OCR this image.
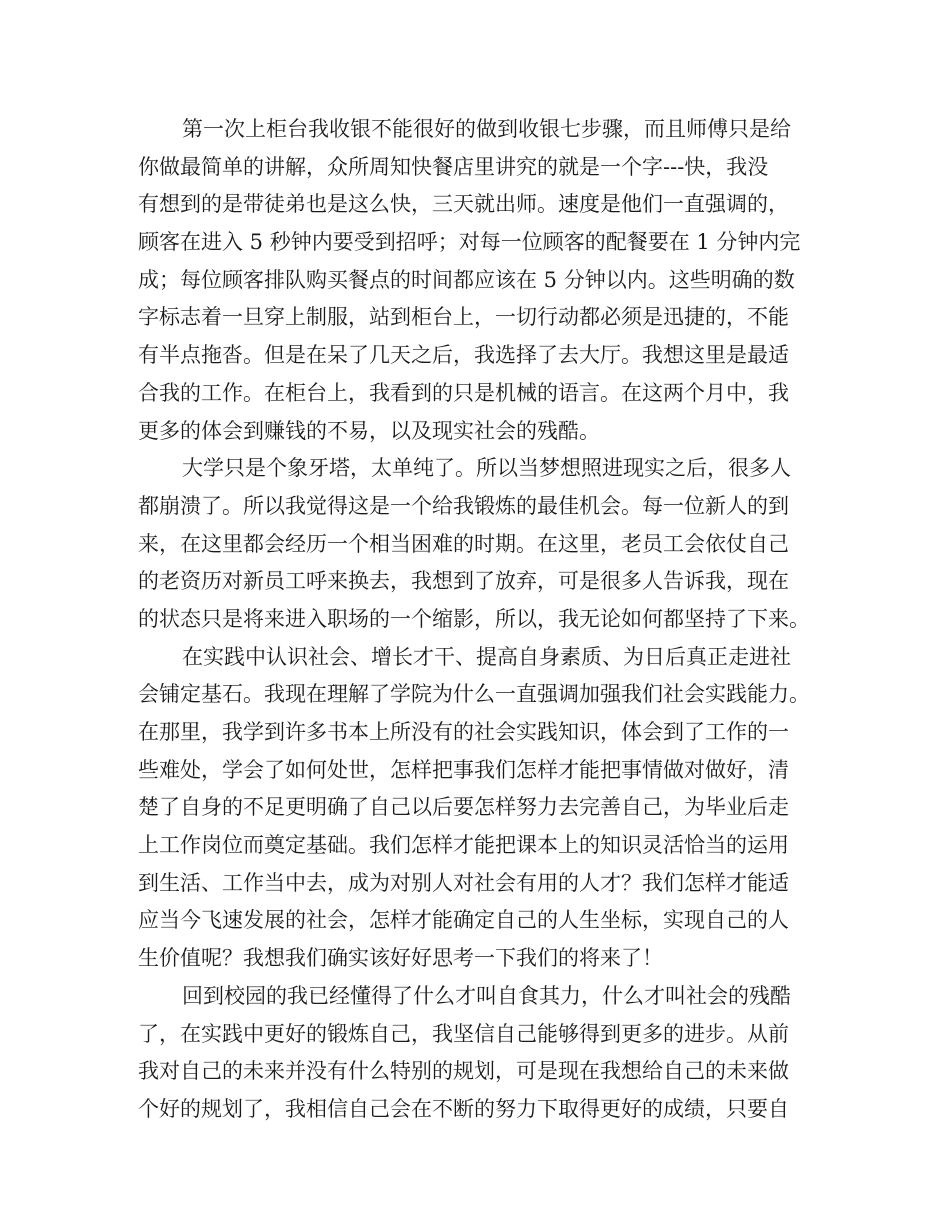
第一次上柜台我收银不能很好的做到收银七步骤，而且师傅只是给
你做最简单的讲解，众所周知快餐店里讲究的就是一个字---快，我没
有想到的是带徒弟也是这么快，三天就出师。速度是他们一直强调的，
顾客在进入 5 秒钟内要受到招呼；对每一位顾客的配餐要在 1 分钟内完
成；每位顾客排队购买餐点的时间都应该在 5 分钟以内。这些明确的数
字标志着一旦穿上制服，站到柜台上，一切行动都必须是迅捷的，不能
有半点拖沓。但是在呆了几天之后，我选择了去大厅。我想这里是最适
合我的工作。在柜台上，我看到的只是机械的语言。在这两个月中，我
更多的体会到赚钱的不易，以及现实社会的残酷。
大学只是个象牙塔，太单纯了。所以当梦想照进现实之后，很多人
都崩溃了。所以我觉得这是一个给我锻炼的最佳机会。每一位新人的到
来，在这里都会经历一个相当困难的时期。在这里，老员工会依仗自己
的老资历对新员工呼来换去，我想到了放弃，可是很多人告诉我，现在
的状态只是将来进入职场的一个缩影，所以，我无论如何都坚持了下来。
在实践中认识社会、增长才干、提高自身素质、为日后真正走进社
会铺定基石。我现在理解了学院为什么一直强调加强我们社会实践能力。
在那里，我学到许多书本上所没有的社会实践知识，体会到了工作的一
些难处，学会了如何处世，怎样把事我们怎样才能把事情做对做好，清
楚了自身的不足更明确了自己以后要怎样努力去完善自己，为毕业后走
上工作岗位而奠定基础。我们怎样才能把课本上的知识灵活恰当的运用
到生活、工作当中去，成为对别人对社会有用的人才？我们怎样才能适
应当今飞速发展的社会，怎样才能确定自己的人生坐标，实现自己的人
生价值呢？我想我们确实该好好思考一下我们的将来了！
回到校园的我已经懂得了什么才叫自食其力，什么才叫社会的残酷
了，在实践中更好的锻炼自己，我坚信自己能够得到更多的进步。从前
我对自己的未来并没有什么特别的规划，可是现在我想给自己的未来做
个好的规划了，我相信自己会在不断的努力下取得更好的成绩，只要自
